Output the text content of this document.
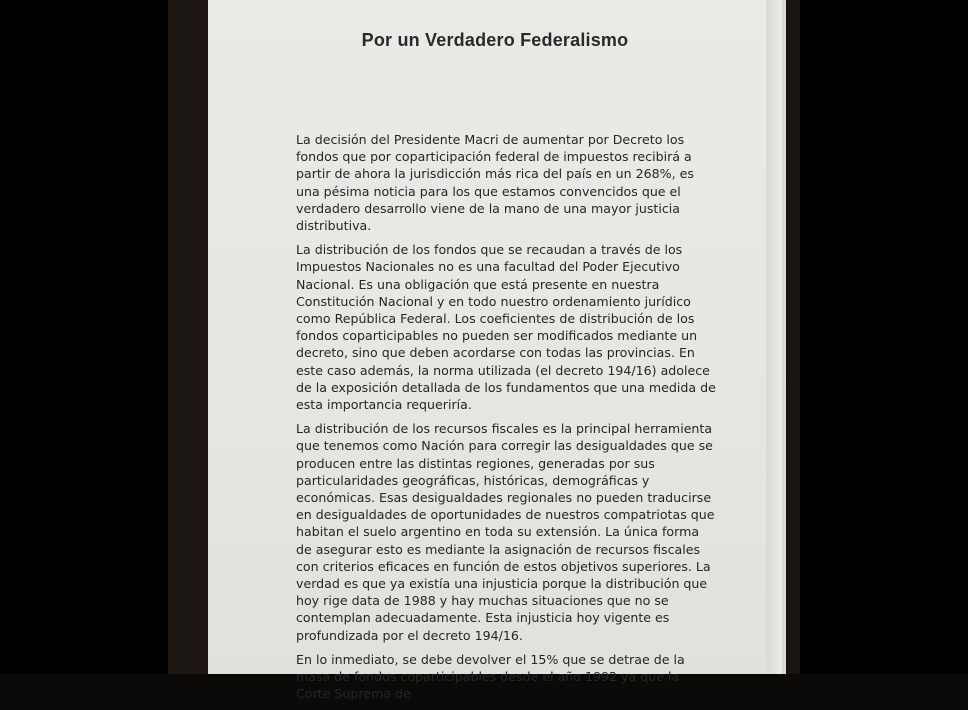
Por un Verdadero Federalismo

La decisión del Presidente Macri de aumentar por Decreto los fondos que por coparticipación federal de impuestos recibirá a partir de ahora la jurisdicción más rica del país en un 268%, es una pésima noticia para los que estamos convencidos que el verdadero desarrollo viene de la mano de una mayor justicia distributiva.

La distribución de los fondos que se recaudan a través de los Impuestos Nacionales no es una facultad del Poder Ejecutivo Nacional. Es una obligación que está presente en nuestra Constitución Nacional y en todo nuestro ordenamiento jurídico como República Federal. Los coeficientes de distribución de los fondos coparticipables no pueden ser modificados mediante un decreto, sino que deben acordarse con todas las provincias. En este caso además, la norma utilizada (el decreto 194/16) adolece de la exposición detallada de los fundamentos que una medida de esta importancia requeriría.

La distribución de los recursos fiscales es la principal herramienta que tenemos como Nación para corregir las desigualdades que se producen entre las distintas regiones, generadas por sus particularidades geográficas, históricas, demográficas y económicas. Esas desigualdades regionales no pueden traducirse en desigualdades de oportunidades de nuestros compatriotas que habitan el suelo argentino en toda su extensión. La única forma de asegurar esto es mediante la asignación de recursos fiscales con criterios eficaces en función de estos objetivos superiores. La verdad es que ya existía una injusticia porque la distribución que hoy rige data de 1988 y hay muchas situaciones que no se contemplan adecuadamente. Esta injusticia hoy vigente es profundizada por el decreto 194/16.

En lo inmediato, se debe devolver el 15% que se detrae de la masa de fondos coparticipables desde el año 1992 ya que la Corte Suprema de
